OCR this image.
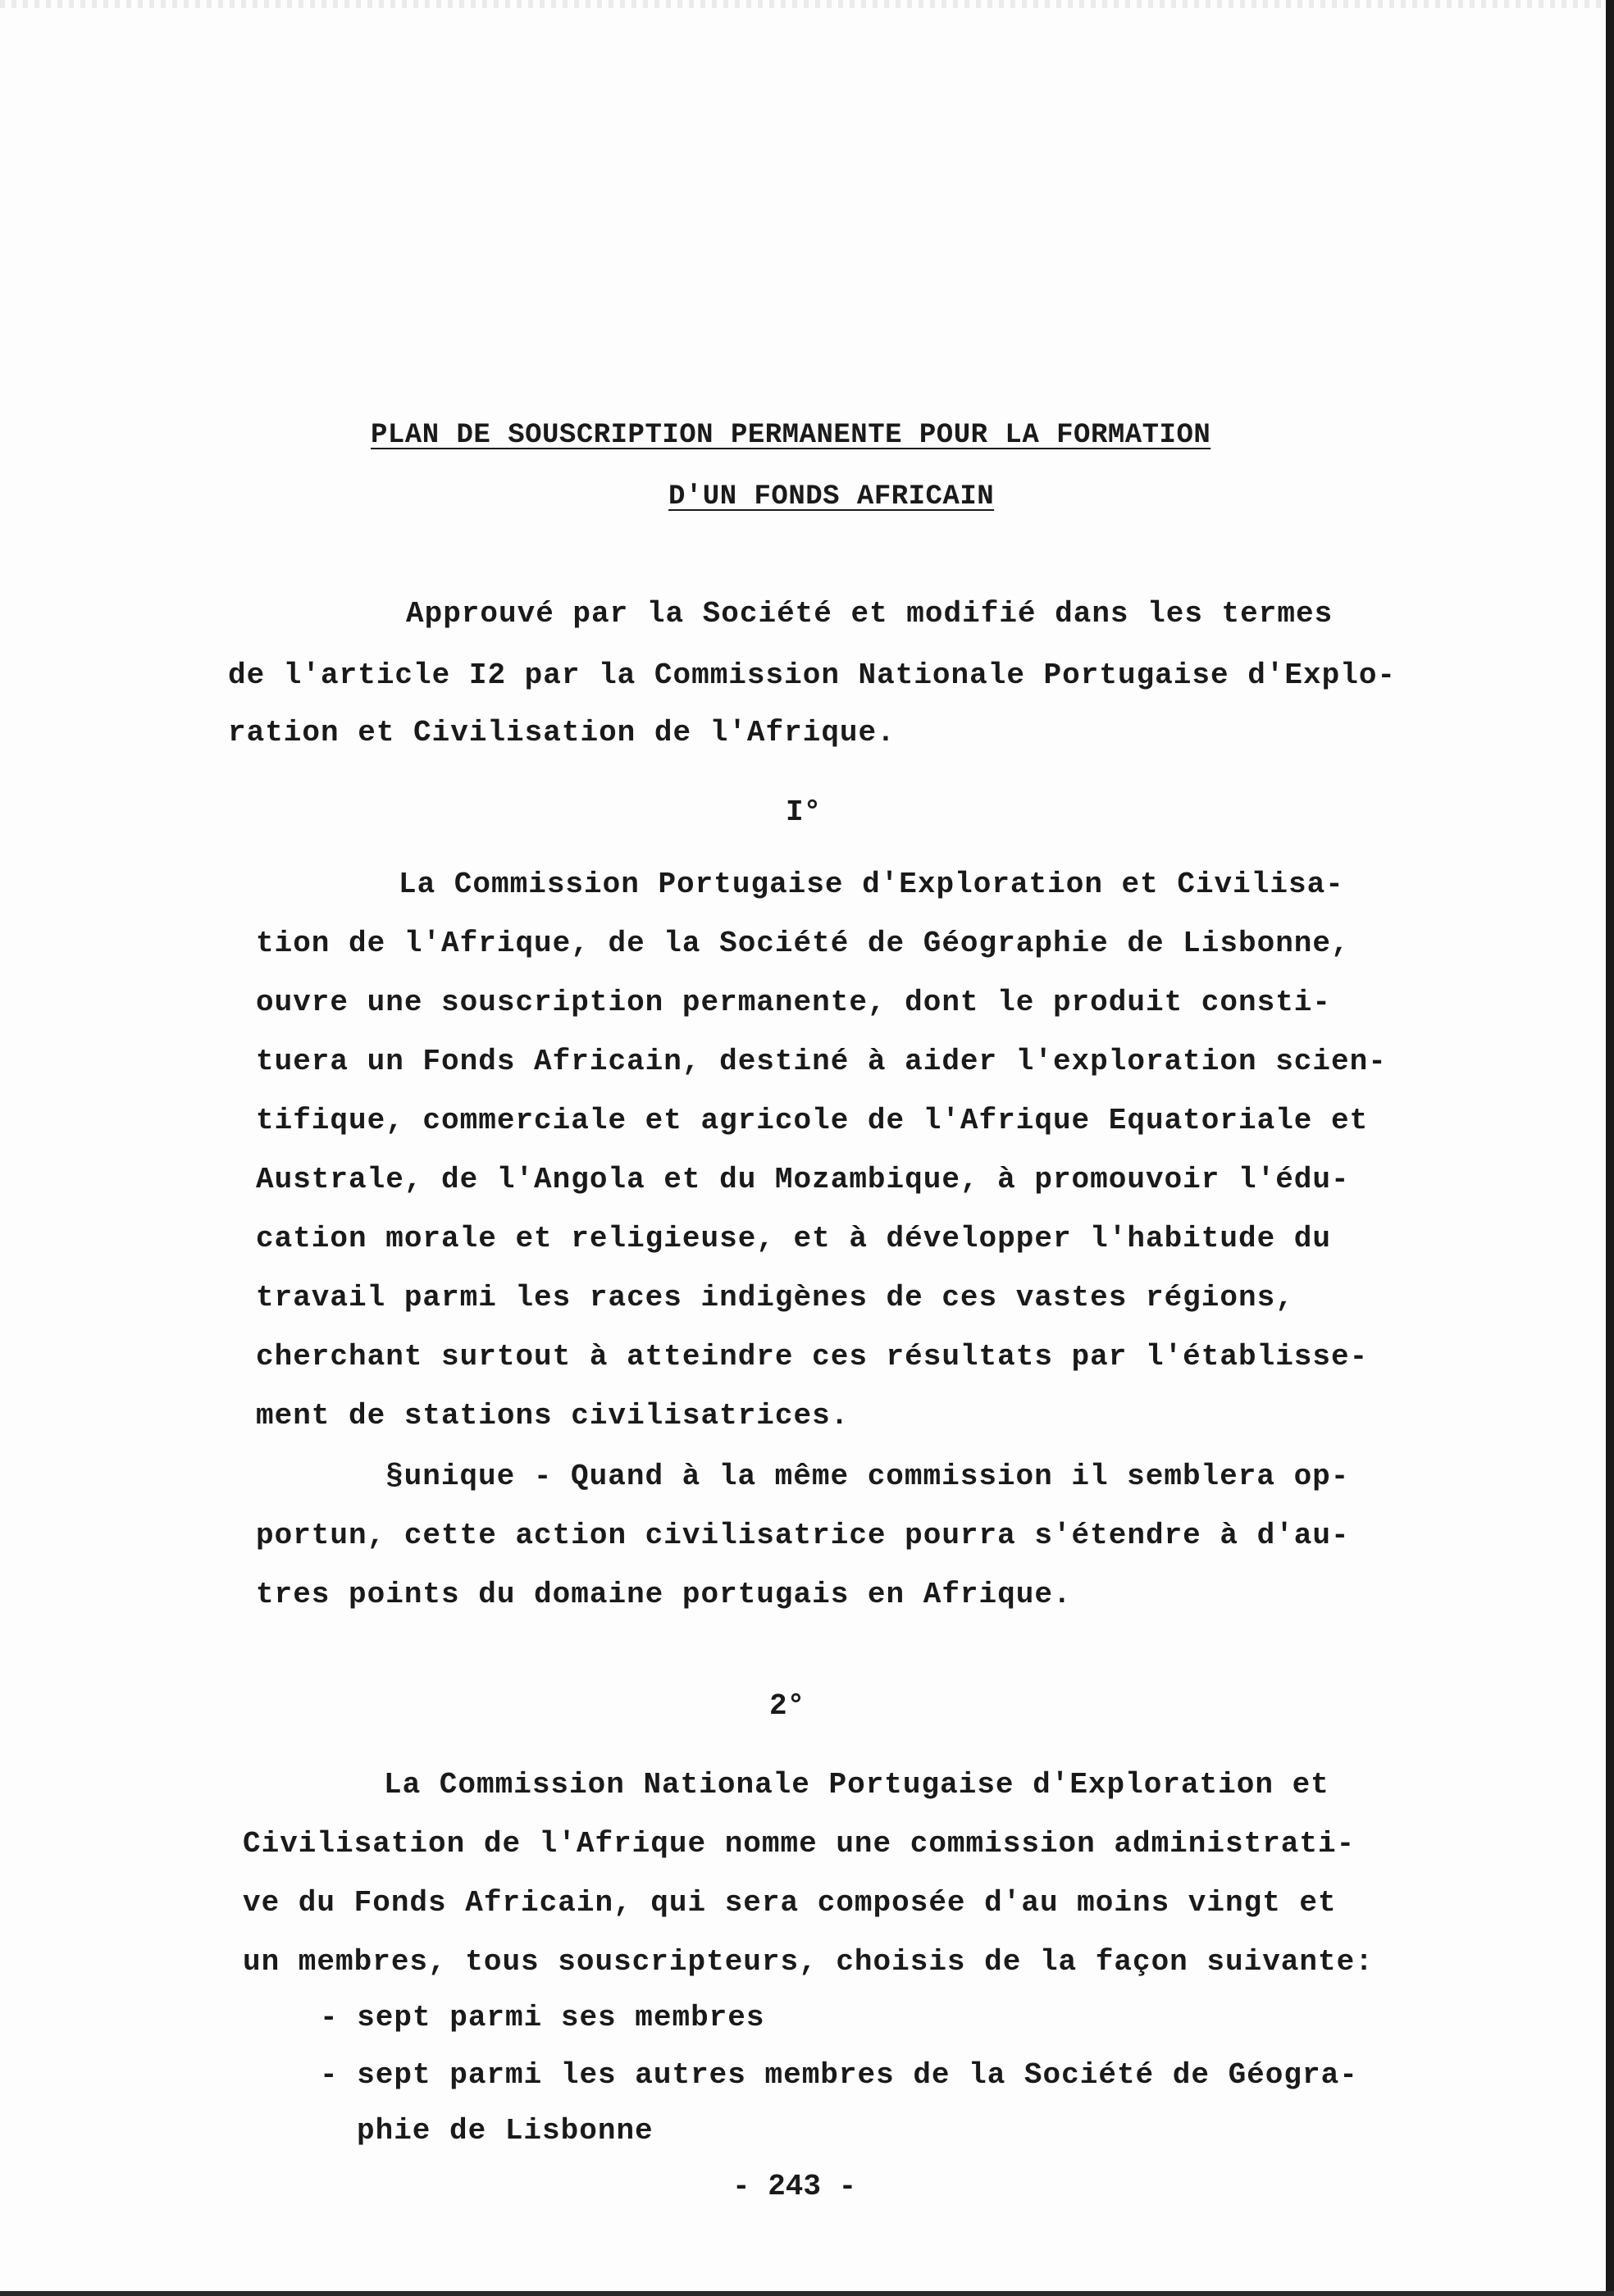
PLAN DE SOUSCRIPTION PERMANENTE POUR LA FORMATION
D'UN FONDS AFRICAIN
Approuvé par la Société et modifié dans les termes
de l'article I2 par la Commission Nationale Portugaise d'Explo-
ration et Civilisation de l'Afrique.
I°
La Commission Portugaise d'Exploration et Civilisa-
tion de l'Afrique, de la Société de Géographie de Lisbonne,
ouvre une souscription permanente, dont le produit consti-
tuera un Fonds Africain, destiné à aider l'exploration scien-
tifique, commerciale et agricole de l'Afrique Equatoriale et
Australe, de l'Angola et du Mozambique, à promouvoir l'édu-
cation morale et religieuse, et à développer l'habitude du
travail parmi les races indigènes de ces vastes régions,
cherchant surtout à atteindre ces résultats par l'établisse-
ment de stations civilisatrices.
§unique - Quand à la même commission il semblera op-
portun, cette action civilisatrice pourra s'étendre à d'au-
tres points du domaine portugais en Afrique.
2°
La Commission Nationale Portugaise d'Exploration et
Civilisation de l'Afrique nomme une commission administrati-
ve du Fonds Africain, qui sera composée d'au moins vingt et
un membres, tous souscripteurs, choisis de la façon suivante:
- sept parmi ses membres
- sept parmi les autres membres de la Société de Géogra-
phie de Lisbonne
- 243 -
